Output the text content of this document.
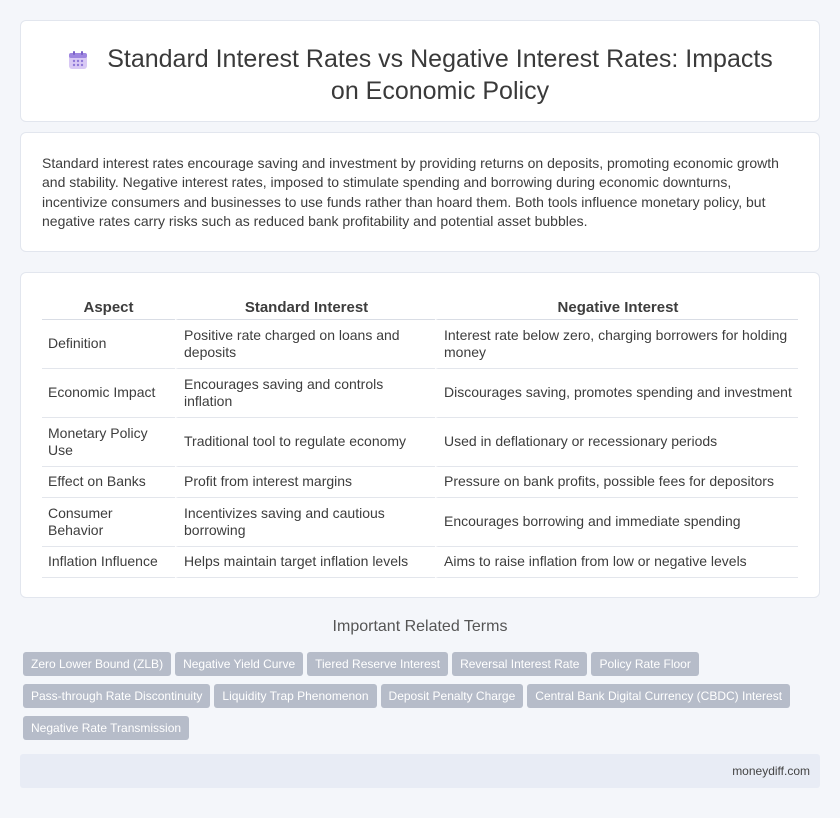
Standard Interest Rates vs Negative Interest Rates: Impacts on Economic Policy

Standard interest rates encourage saving and investment by providing returns on deposits, promoting economic growth and stability. Negative interest rates, imposed to stimulate spending and borrowing during economic downturns, incentivize consumers and businesses to use funds rather than hoard them. Both tools influence monetary policy, but negative rates carry risks such as reduced bank profitability and potential asset bubbles.

Aspect	Standard Interest	Negative Interest
Definition	Positive rate charged on loans and deposits	Interest rate below zero, charging borrowers for holding money
Economic Impact	Encourages saving and controls inflation	Discourages saving, promotes spending and investment
Monetary Policy Use	Traditional tool to regulate economy	Used in deflationary or recessionary periods
Effect on Banks	Profit from interest margins	Pressure on bank profits, possible fees for depositors
Consumer Behavior	Incentivizes saving and cautious borrowing	Encourages borrowing and immediate spending
Inflation Influence	Helps maintain target inflation levels	Aims to raise inflation from low or negative levels
Important Related Terms
Zero Lower Bound (ZLB) Negative Yield Curve Tiered Reserve Interest Reversal Interest Rate Policy Rate Floor
Pass-through Rate Discontinuity Liquidity Trap Phenomenon Deposit Penalty Charge Central Bank Digital Currency (CBDC) Interest
Negative Rate Transmission
moneydiff.com
